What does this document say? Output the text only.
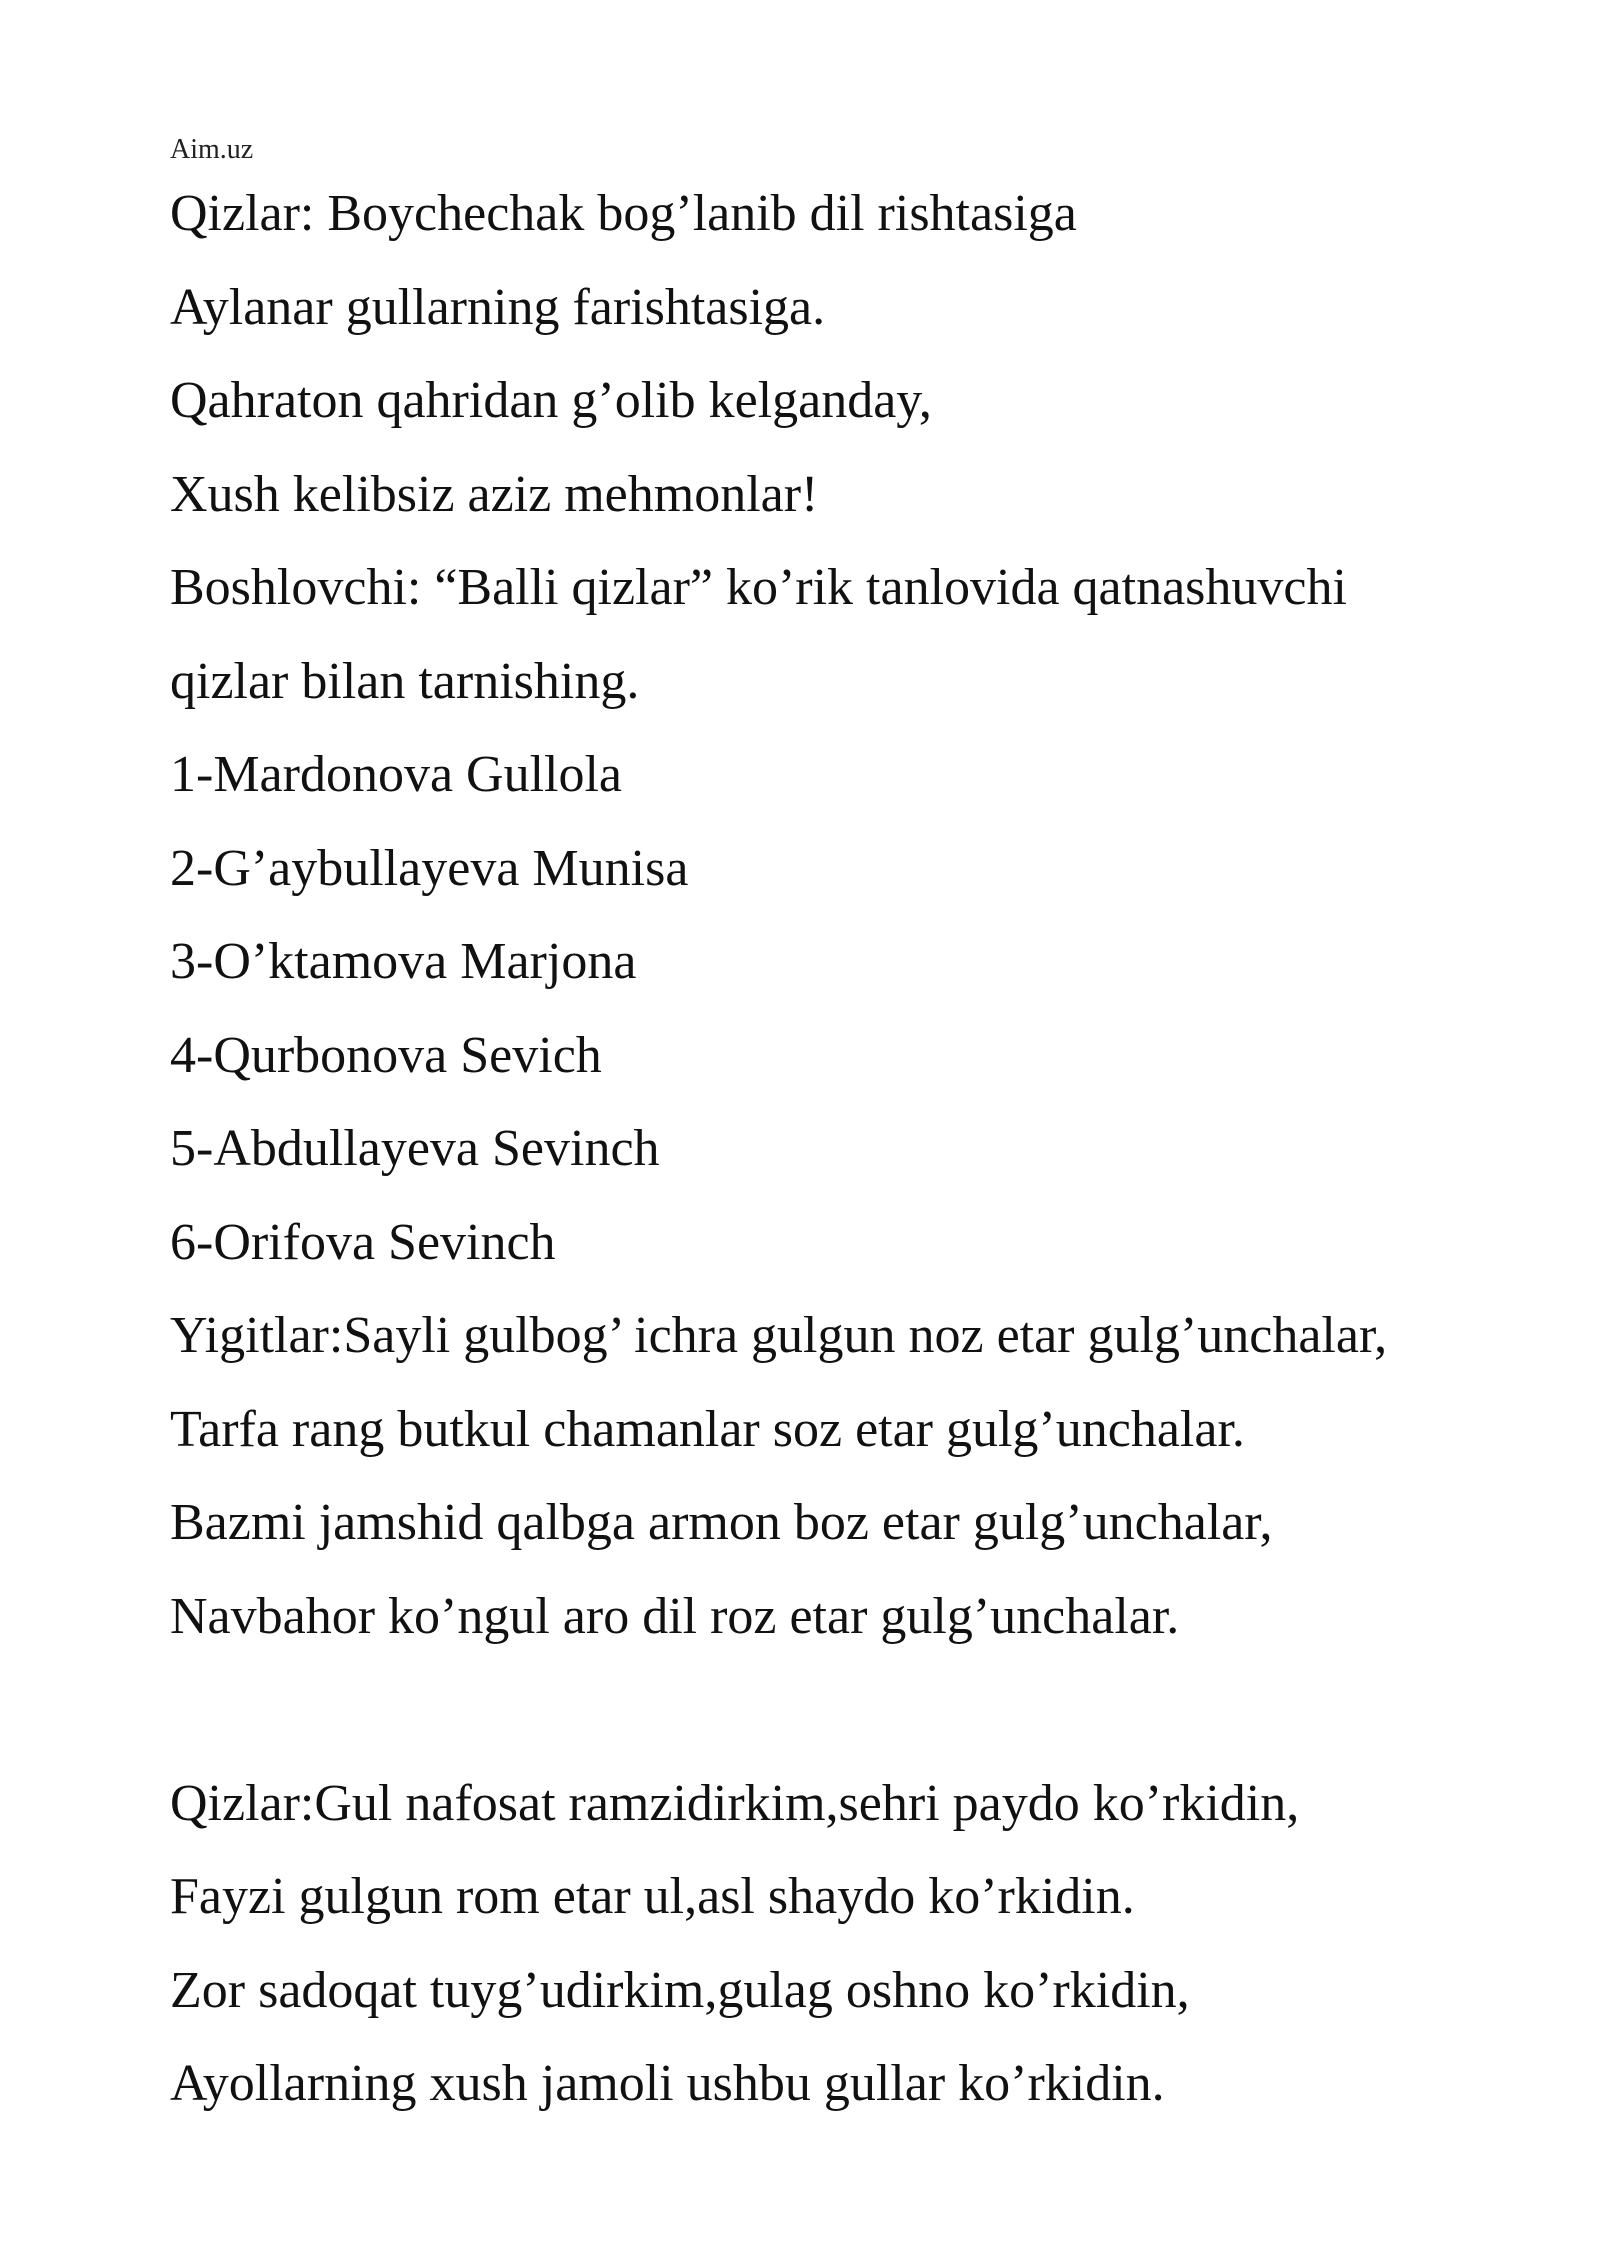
Aim.uz
Qizlar: Boychechak bog’lanib dil rishtasiga
Aylanar gullarning farishtasiga.
Qahraton qahridan g’olib kelganday,
Xush kelibsiz aziz mehmonlar!
Boshlovchi: “Balli qizlar” ko’rik tanlovida qatnashuvchi
qizlar bilan tarnishing.
1-Mardonova Gullola
2-G’aybullayeva Munisa
3-O’ktamova Marjona
4-Qurbonova Sevich
5-Abdullayeva Sevinch
6-Orifova Sevinch
Yigitlar:Sayli gulbog’ ichra gulgun noz etar gulg’unchalar,
Tarfa rang butkul chamanlar soz etar gulg’unchalar.
Bazmi jamshid qalbga armon boz etar gulg’unchalar,
Navbahor ko’ngul aro dil roz etar gulg’unchalar.
Qizlar:Gul nafosat ramzidirkim,sehri paydo ko’rkidin,
Fayzi gulgun rom etar ul,asl shaydo ko’rkidin.
Zor sadoqat tuyg’udirkim,gulag oshno ko’rkidin,
Ayollarning xush jamoli ushbu gullar ko’rkidin.
